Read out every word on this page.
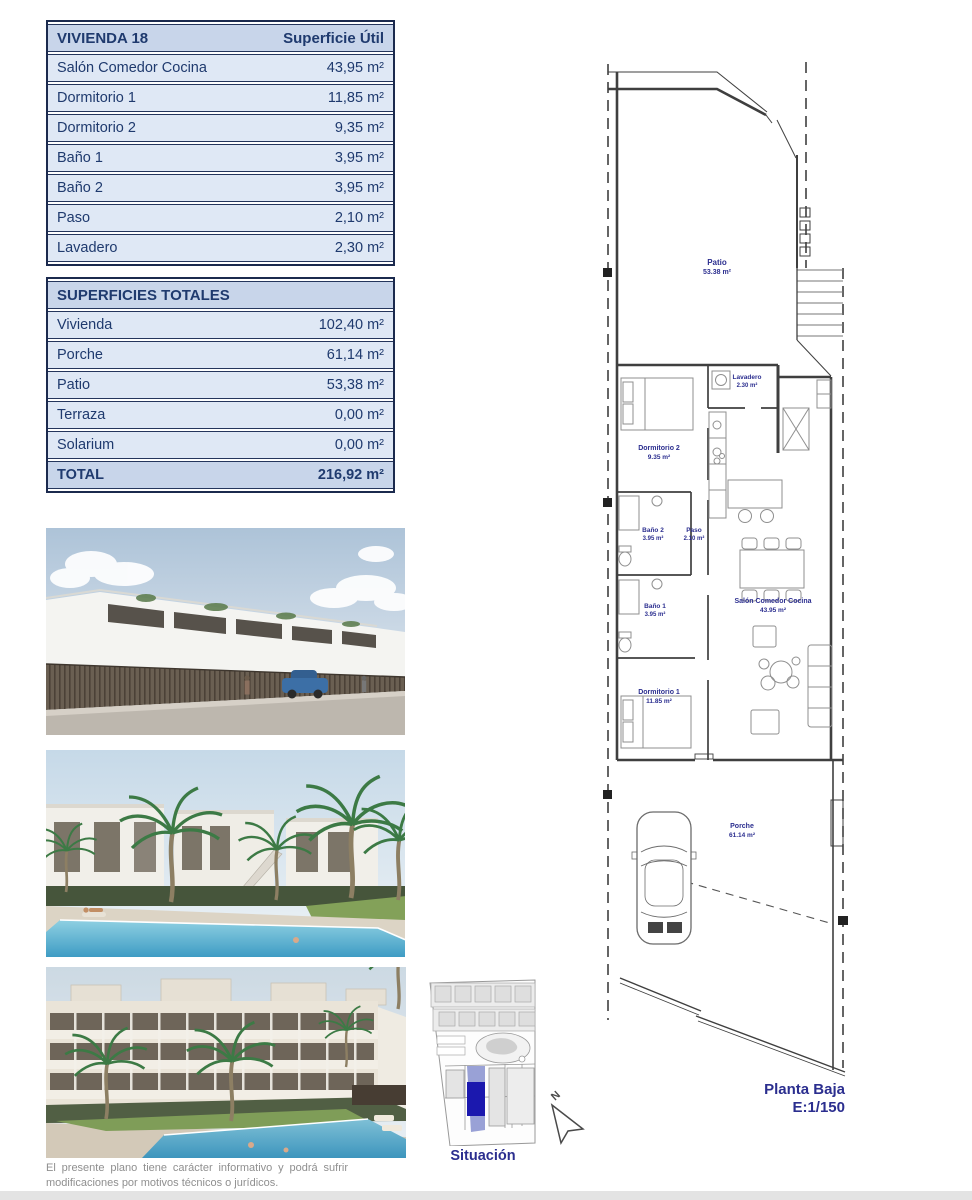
VIVIENDA 18	Superficie Útil
Salón Comedor Cocina	43,95 m²
Dormitorio 1	11,85 m²
Dormitorio 2	9,35 m²
Baño 1	3,95 m²
Baño 2	3,95 m²
Paso	2,10 m²
Lavadero	2,30 m²
SUPERFICIES TOTALES	
Vivienda	102,40 m²
Porche	61,14 m²
Patio	53,38 m²
Terraza	0,00 m²
Solarium	0,00 m²
TOTAL	216,92 m²
Patio
53.38 m²
Lavadero
2.30 m²
Dormitorio 2
9.35 m²
Baño 2
3.95 m²
Paso
2.10 m²
Salón Comedor Cocina
43.95 m²
Baño 1
3.95 m²
Dormitorio 1
11.85 m²
Porche
61.14 m²
Planta Baja
E:1/150
Situación
N
El presente plano tiene carácter informativo y podrá sufrir
modificaciones por motivos técnicos o jurídicos.
